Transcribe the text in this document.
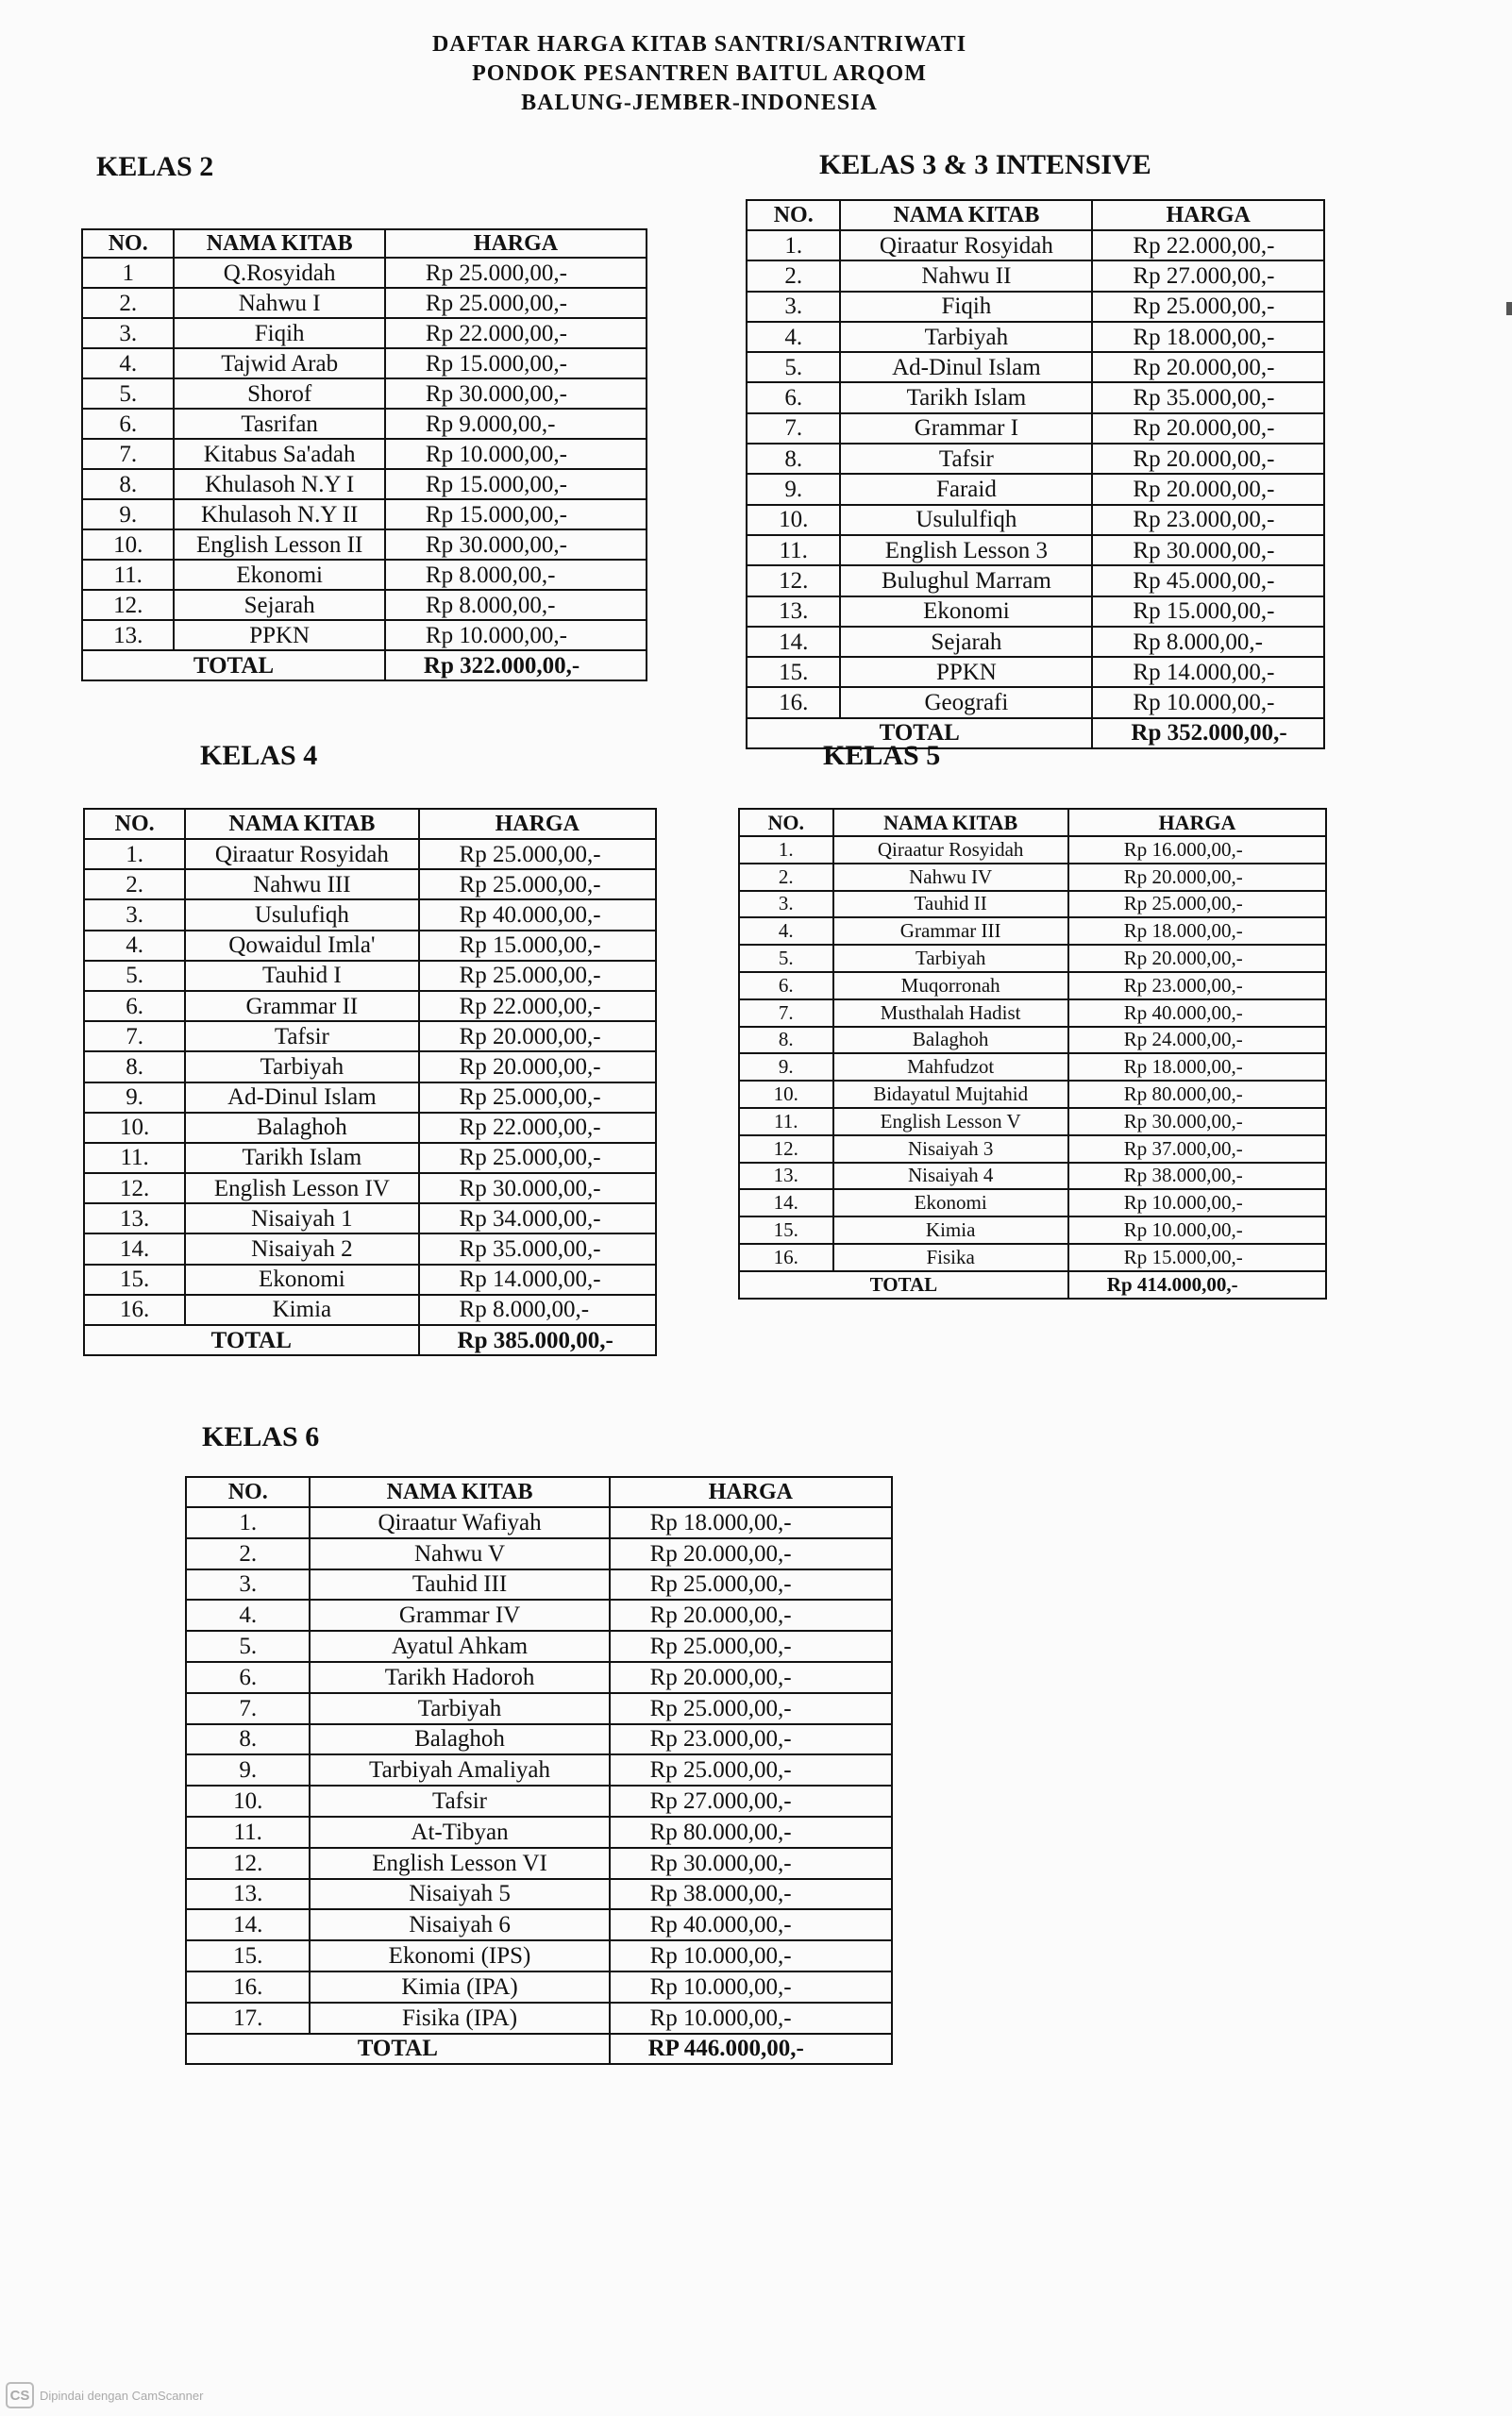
DAFTAR HARGA KITAB SANTRI/SANTRIWATI
PONDOK PESANTREN BAITUL ARQOM
BALUNG-JEMBER-INDONESIA
KELAS 2
NO.	NAMA KITAB	HARGA
1	Q.Rosyidah	Rp 25.000,00,-
2.	Nahwu I	Rp 25.000,00,-
3.	Fiqih	Rp 22.000,00,-
4.	Tajwid Arab	Rp 15.000,00,-
5.	Shorof	Rp 30.000,00,-
6.	Tasrifan	Rp 9.000,00,-
7.	Kitabus Sa'adah	Rp 10.000,00,-
8.	Khulasoh N.Y I	Rp 15.000,00,-
9.	Khulasoh N.Y II	Rp 15.000,00,-
10.	English Lesson II	Rp 30.000,00,-
11.	Ekonomi	Rp 8.000,00,-
12.	Sejarah	Rp 8.000,00,-
13.	PPKN	Rp 10.000,00,-
TOTAL		Rp 322.000,00,-
KELAS 3 & 3 INTENSIVE
NO.	NAMA KITAB	HARGA
1.	Qiraatur Rosyidah	Rp 22.000,00,-
2.	Nahwu II	Rp 27.000,00,-
3.	Fiqih	Rp 25.000,00,-
4.	Tarbiyah	Rp 18.000,00,-
5.	Ad-Dinul Islam	Rp 20.000,00,-
6.	Tarikh Islam	Rp 35.000,00,-
7.	Grammar I	Rp 20.000,00,-
8.	Tafsir	Rp 20.000,00,-
9.	Faraid	Rp 20.000,00,-
10.	Usululfiqh	Rp 23.000,00,-
11.	English Lesson 3	Rp 30.000,00,-
12.	Bulughul Marram	Rp 45.000,00,-
13.	Ekonomi	Rp 15.000,00,-
14.	Sejarah	Rp 8.000,00,-
15.	PPKN	Rp 14.000,00,-
16.	Geografi	Rp 10.000,00,-
TOTAL		Rp 352.000,00,-
KELAS 4
NO.	NAMA KITAB	HARGA
1.	Qiraatur Rosyidah	Rp 25.000,00,-
2.	Nahwu III	Rp 25.000,00,-
3.	Usulufiqh	Rp 40.000,00,-
4.	Qowaidul Imla'	Rp 15.000,00,-
5.	Tauhid I	Rp 25.000,00,-
6.	Grammar II	Rp 22.000,00,-
7.	Tafsir	Rp 20.000,00,-
8.	Tarbiyah	Rp 20.000,00,-
9.	Ad-Dinul Islam	Rp 25.000,00,-
10.	Balaghoh	Rp 22.000,00,-
11.	Tarikh Islam	Rp 25.000,00,-
12.	English Lesson IV	Rp 30.000,00,-
13.	Nisaiyah 1	Rp 34.000,00,-
14.	Nisaiyah 2	Rp 35.000,00,-
15.	Ekonomi	Rp 14.000,00,-
16.	Kimia	Rp 8.000,00,-
TOTAL		Rp 385.000,00,-
KELAS 5
NO.	NAMA KITAB	HARGA
1.	Qiraatur Rosyidah	Rp 16.000,00,-
2.	Nahwu IV	Rp 20.000,00,-
3.	Tauhid II	Rp 25.000,00,-
4.	Grammar III	Rp 18.000,00,-
5.	Tarbiyah	Rp 20.000,00,-
6.	Muqorronah	Rp 23.000,00,-
7.	Musthalah Hadist	Rp 40.000,00,-
8.	Balaghoh	Rp 24.000,00,-
9.	Mahfudzot	Rp 18.000,00,-
10.	Bidayatul Mujtahid	Rp 80.000,00,-
11.	English Lesson V	Rp 30.000,00,-
12.	Nisaiyah 3	Rp 37.000,00,-
13.	Nisaiyah 4	Rp 38.000,00,-
14.	Ekonomi	Rp 10.000,00,-
15.	Kimia	Rp 10.000,00,-
16.	Fisika	Rp 15.000,00,-
TOTAL		Rp 414.000,00,-
KELAS 6
NO.	NAMA KITAB	HARGA
1.	Qiraatur Wafiyah	Rp 18.000,00,-
2.	Nahwu V	Rp 20.000,00,-
3.	Tauhid III	Rp 25.000,00,-
4.	Grammar IV	Rp 20.000,00,-
5.	Ayatul Ahkam	Rp 25.000,00,-
6.	Tarikh Hadoroh	Rp 20.000,00,-
7.	Tarbiyah	Rp 25.000,00,-
8.	Balaghoh	Rp 23.000,00,-
9.	Tarbiyah Amaliyah	Rp 25.000,00,-
10.	Tafsir	Rp 27.000,00,-
11.	At-Tibyan	Rp 80.000,00,-
12.	English Lesson VI	Rp 30.000,00,-
13.	Nisaiyah 5	Rp 38.000,00,-
14.	Nisaiyah 6	Rp 40.000,00,-
15.	Ekonomi (IPS)	Rp 10.000,00,-
16.	Kimia (IPA)	Rp 10.000,00,-
17.	Fisika (IPA)	Rp 10.000,00,-
TOTAL		RP 446.000,00,-
CS Dipindai dengan CamScanner
